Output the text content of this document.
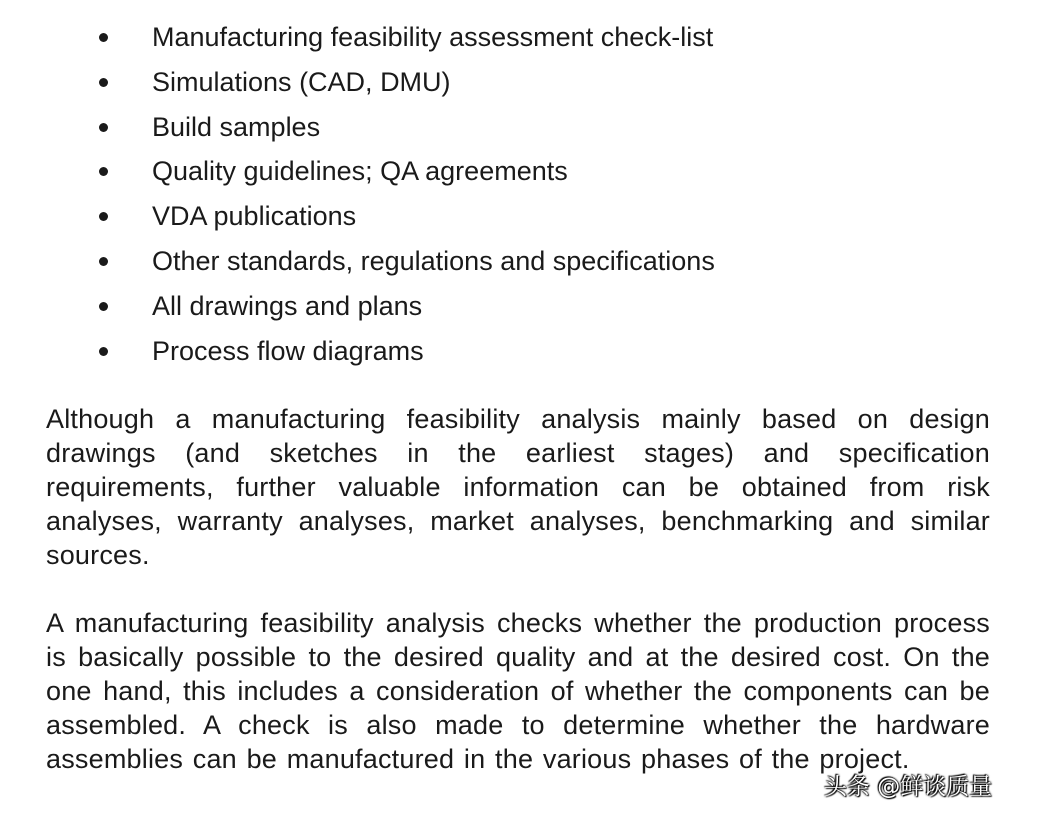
Manufacturing feasibility assessment check-list
Simulations (CAD, DMU)
Build samples
Quality guidelines; QA agreements
VDA publications
Other standards, regulations and specifications
All drawings and plans
Process flow diagrams

Although a manufacturing feasibility analysis mainly based on design drawings (and sketches in the earliest stages) and specification requirements, further valuable information can be obtained from risk analyses, warranty analyses, market analyses, benchmarking and similar sources.

A manufacturing feasibility analysis checks whether the production process is basically possible to the desired quality and at the desired cost. On the one hand, this includes a consideration of whether the components can be assembled. A check is also made to determine whether the hardware assemblies can be manufactured in the various phases of the project.

头条 @鲜谈质量
